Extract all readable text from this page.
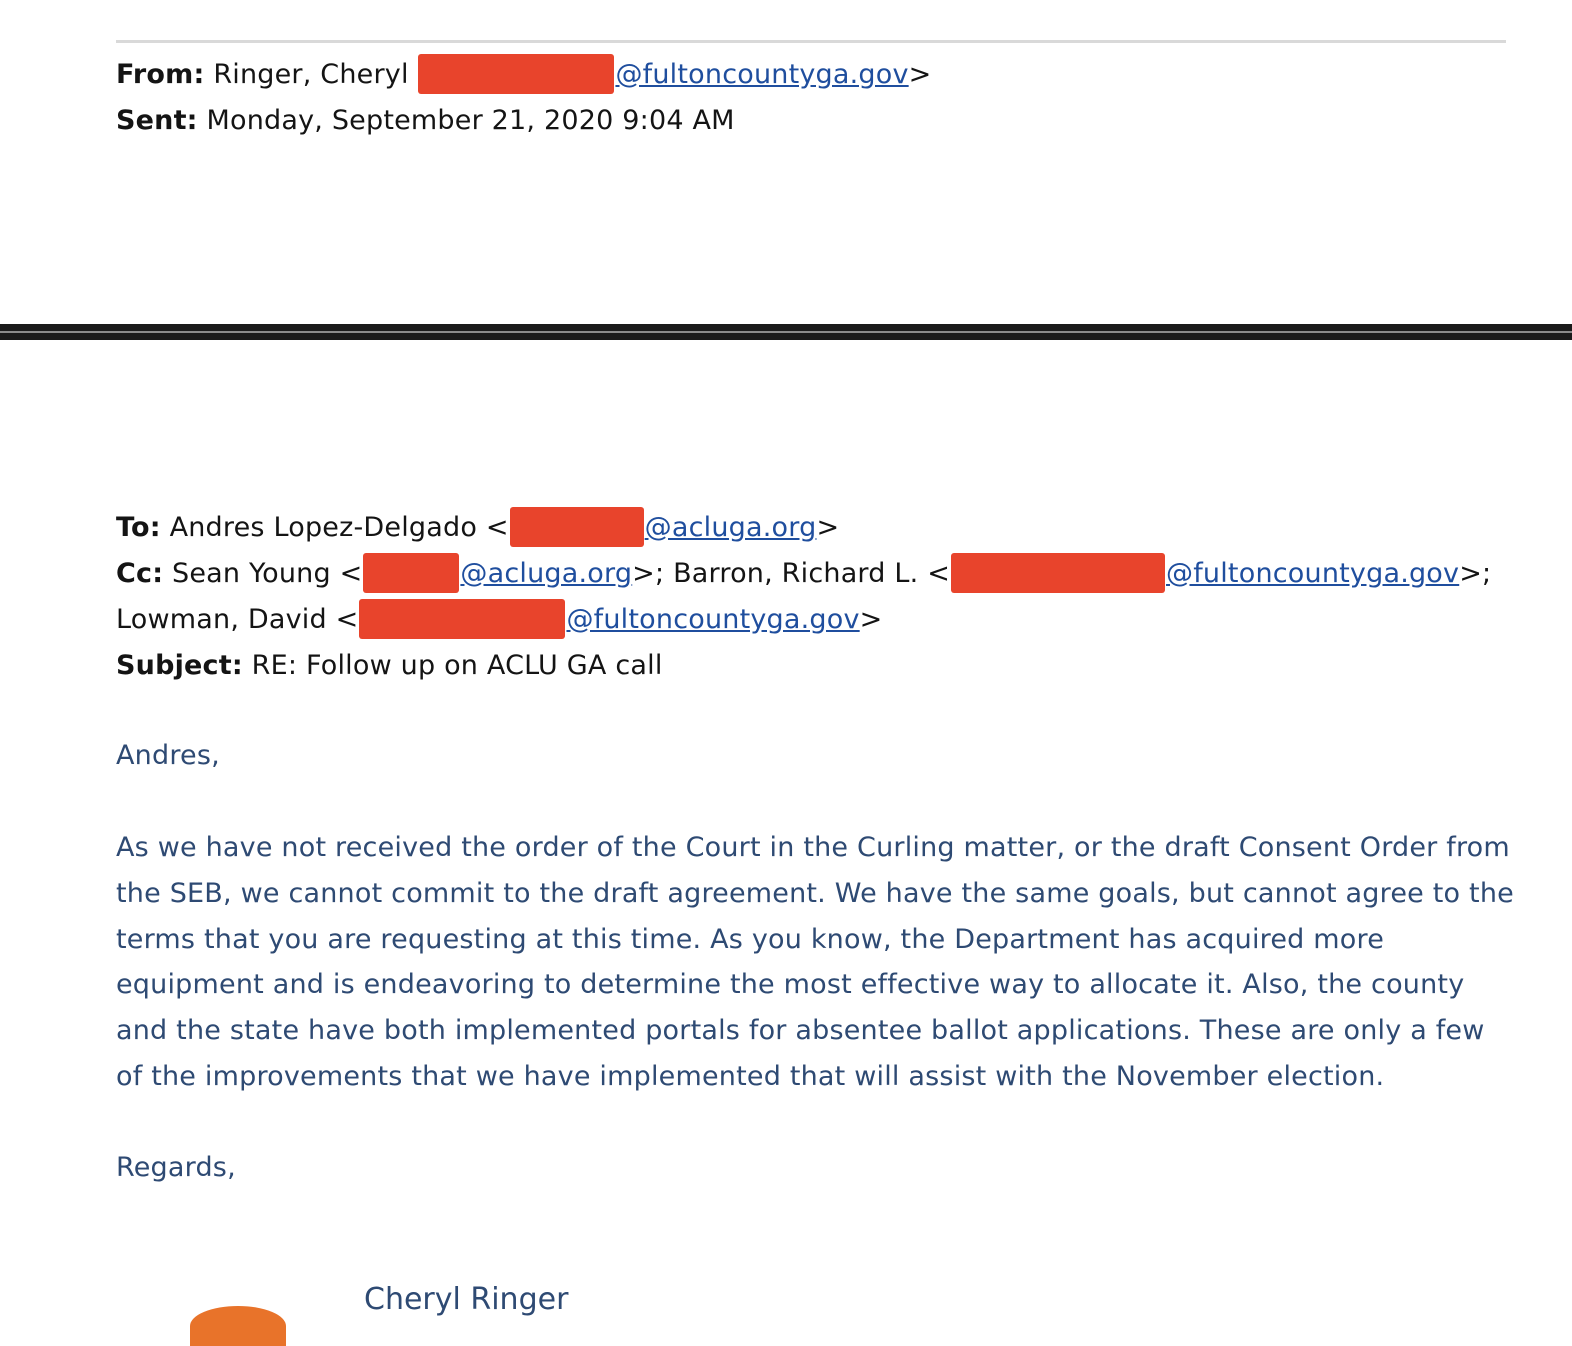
From: Ringer, Cheryl	@fultoncountyga.gov>
Sent: Monday, September 21, 2020 9:04 AM
To: Andres Lopez-Delgado <	@acluga.org>
Cc: Sean Young <	@acluga.org>; Barron, Richard L. <	@fultoncountyga.gov>;
Lowman, David <	@fultoncountyga.gov>
Subject: RE: Follow up on ACLU GA call
Andres,

As we have not received the order of the Court in the Curling matter, or the draft Consent Order from the SEB, we cannot commit to the draft agreement. We have the same goals, but cannot agree to the terms that you are requesting at this time. As you know, the Department has acquired more equipment and is endeavoring to determine the most effective way to allocate it. Also, the county and the state have both implemented portals for absentee ballot applications. These are only a few of the improvements that we have implemented that will assist with the November election.

Regards,
Cheryl Ringer
